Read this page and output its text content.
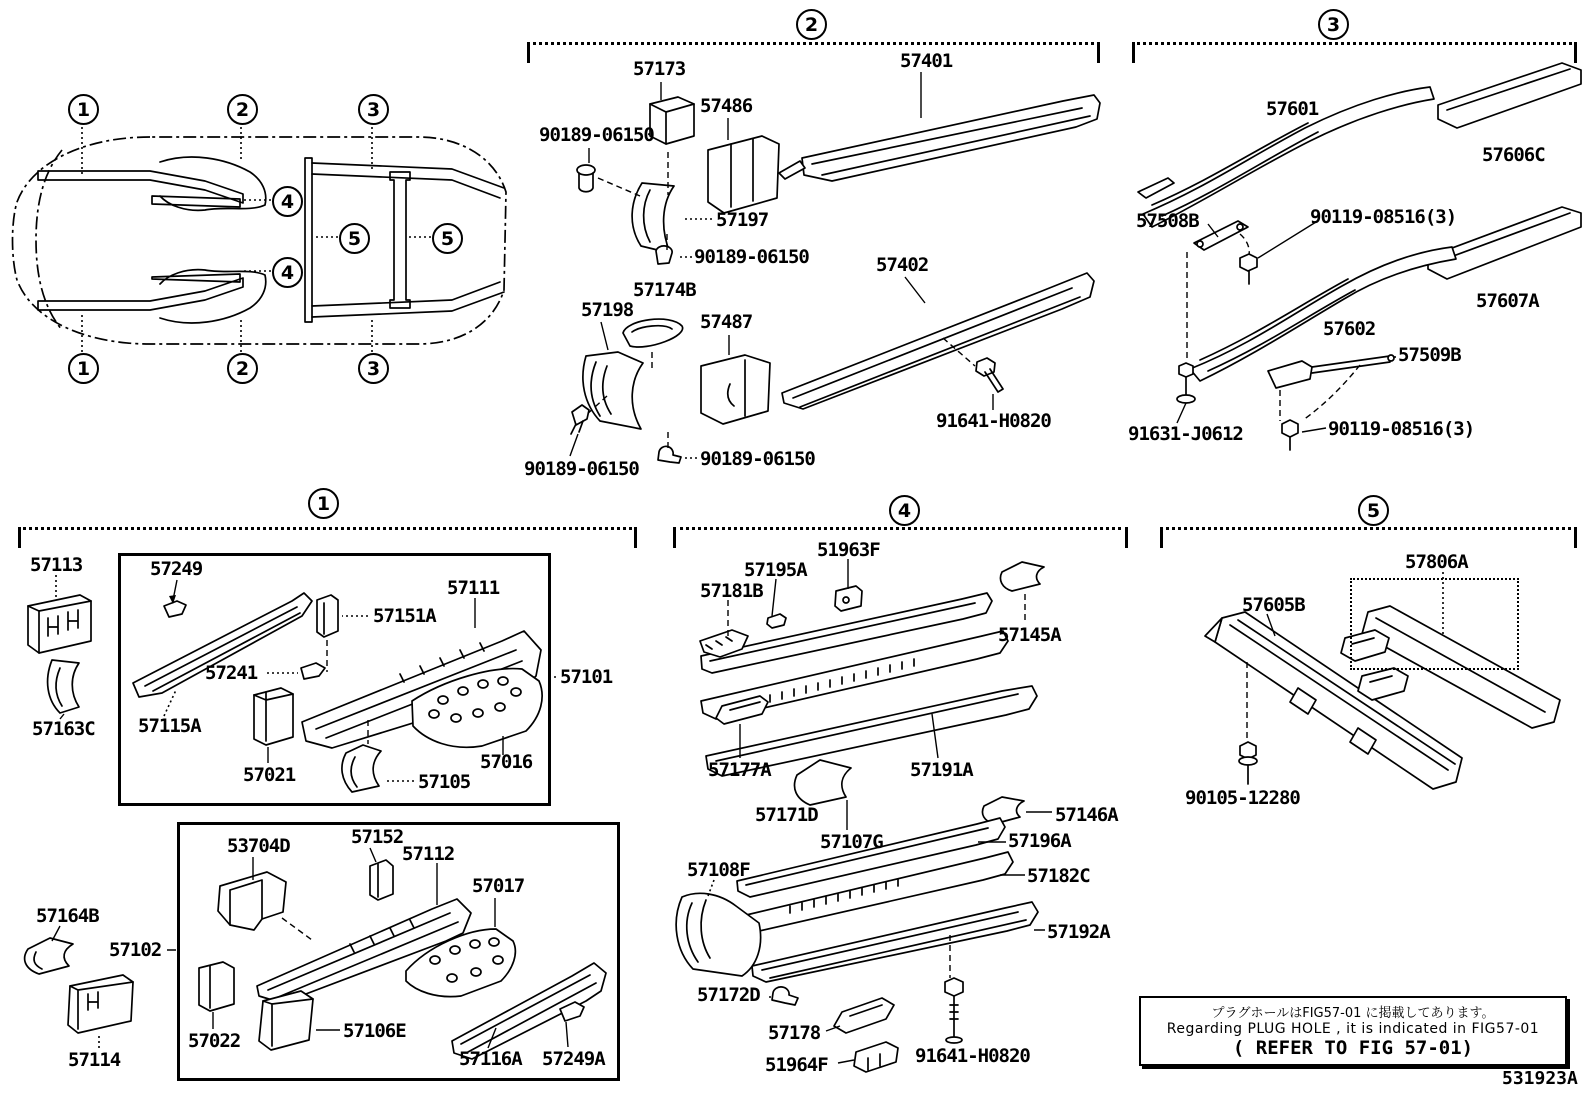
2	3
1	4	5
1	2	3
1	2	3
4
4
5	5
57173	57401
57486
90189-06150
57197
90189-06150
57174B
57198
57487
57402
91641-H0820
90189-06150	90189-06150
57601
57606C
57508B	90119-08516(3)
57607A
57602
57509B
91631-J0612	90119-08516(3)
57113	57249
57111
57151A
57241
57115A
57021	57105
57016
57101
57163C
57164B
57102
57114
53704D	57152
57112
57017
57022	57106E
57116A 57249A
51963F
57195A
57181B
57145A
57177A	57191A
57171D
57107G
57146A
57196A
57108F	57182C
57192A
57172D
57178
51964F	91641-H0820
57806A
57605B
90105-12280
プラグホールはFIG57-01 に掲載してあります。
Regarding PLUG HOLE , it is indicated in FIG57-01
( REFER TO FIG 57-01)
531923A
